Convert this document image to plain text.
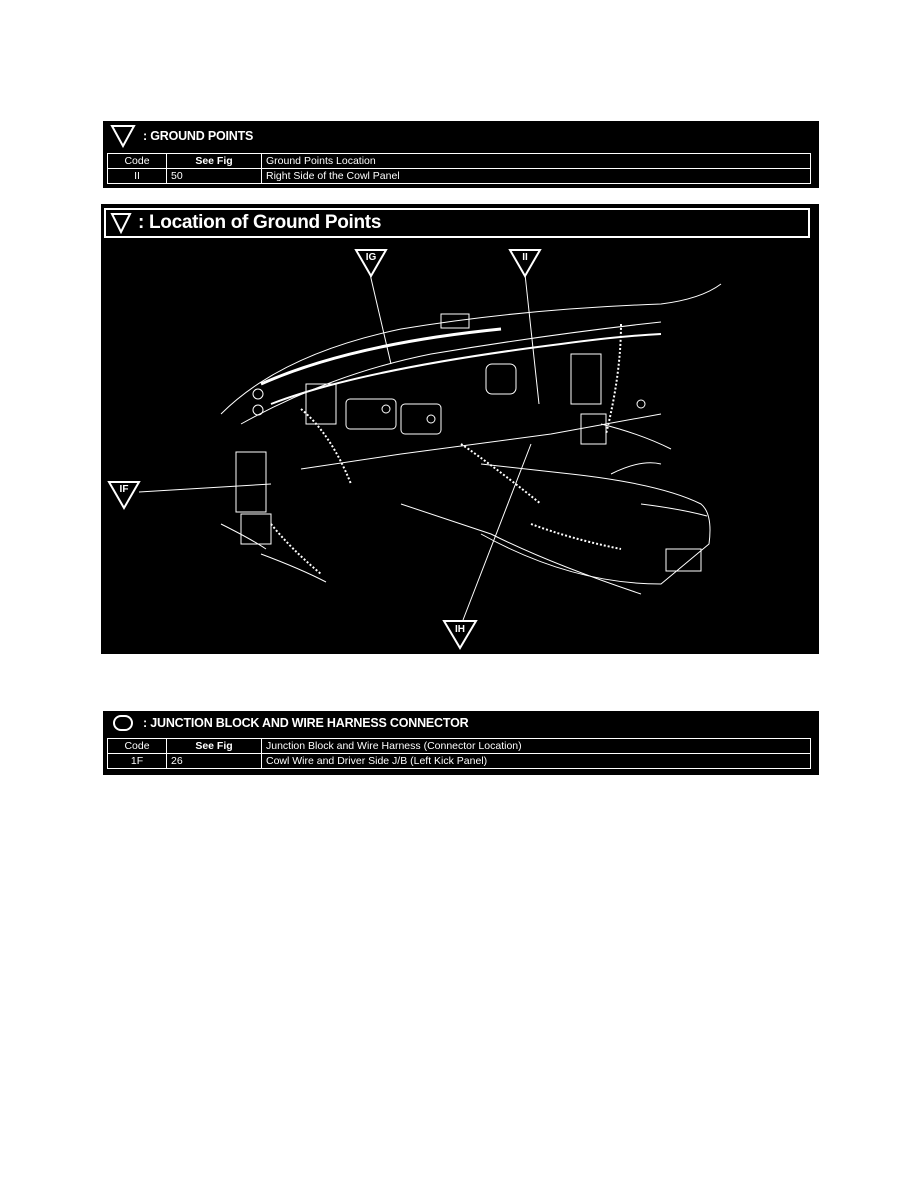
: GROUND POINTS
Code	See Fig	Ground Points Location
II	50	Right Side of the Cowl Panel
: Location of Ground Points
IG	II
IF
IH
: JUNCTION BLOCK AND WIRE HARNESS CONNECTOR
Code	See Fig	Junction Block and Wire Harness (Connector Location)
1F	26	Cowl Wire and Driver Side J/B (Left Kick Panel)
